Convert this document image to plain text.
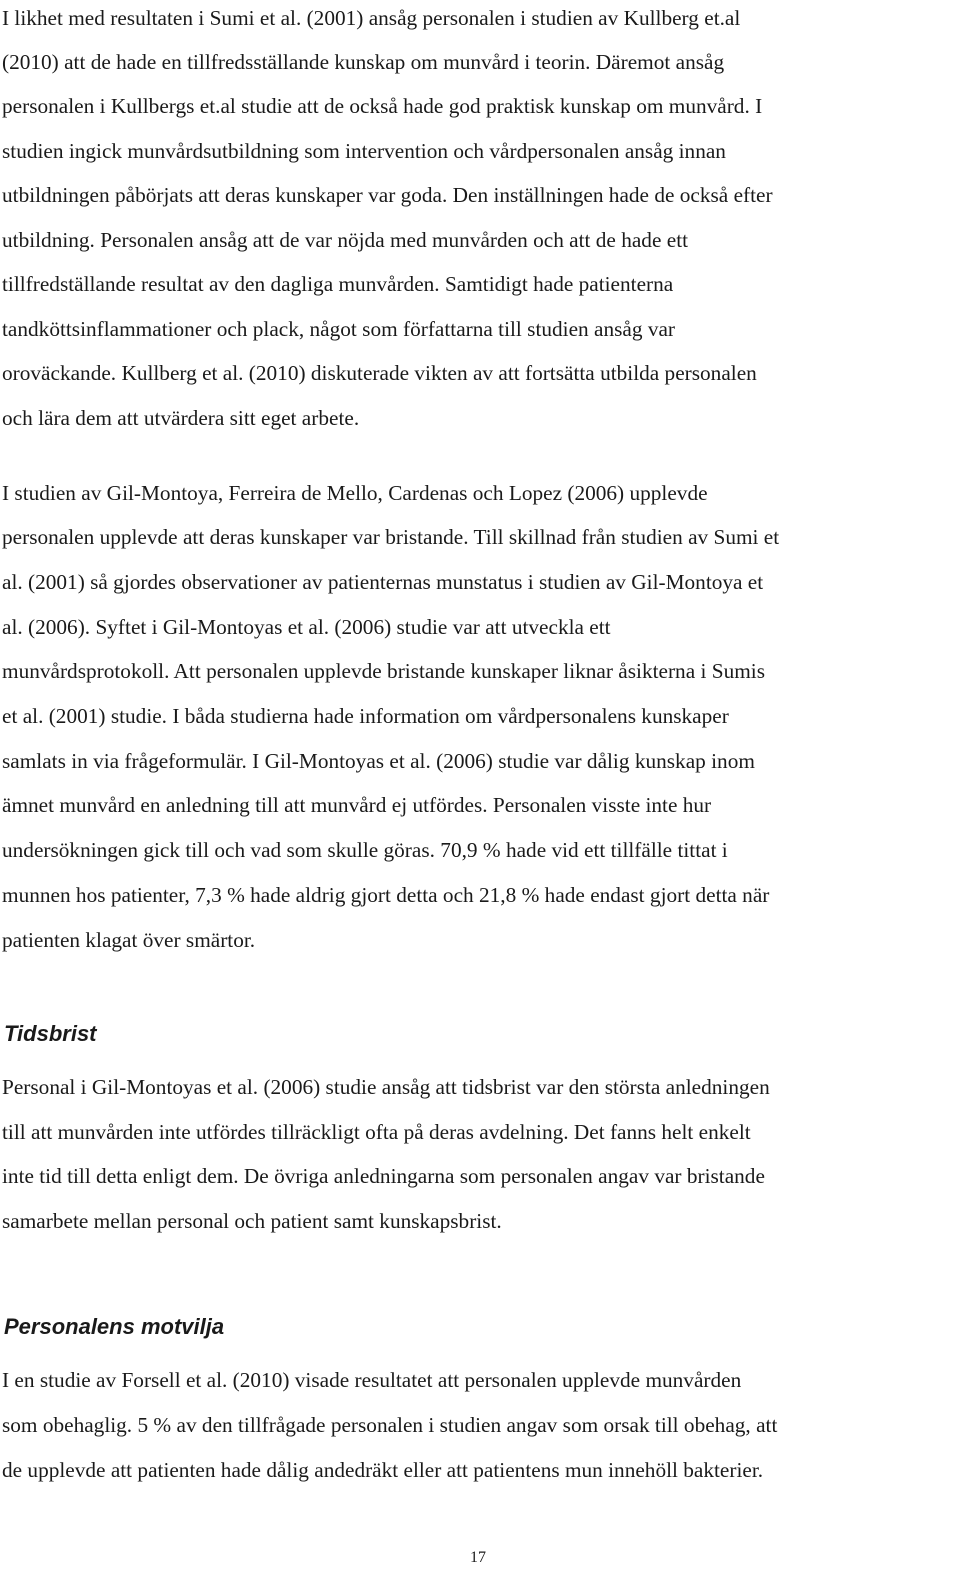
I likhet med resultaten i Sumi et al. (2001) ansåg personalen i studien av Kullberg et.al
(2010) att de hade en tillfredsställande kunskap om munvård i teorin. Däremot ansåg
personalen i Kullbergs et.al studie att de också hade god praktisk kunskap om munvård. I
studien ingick munvårdsutbildning som intervention och vårdpersonalen ansåg innan
utbildningen påbörjats att deras kunskaper var goda. Den inställningen hade de också efter
utbildning. Personalen ansåg att de var nöjda med munvården och att de hade ett
tillfredställande resultat av den dagliga munvården. Samtidigt hade patienterna
tandköttsinflammationer och plack, något som författarna till studien ansåg var
oroväckande. Kullberg et al. (2010) diskuterade vikten av att fortsätta utbilda personalen
och lära dem att utvärdera sitt eget arbete.
I studien av Gil-Montoya, Ferreira de Mello, Cardenas och Lopez (2006) upplevde
personalen upplevde att deras kunskaper var bristande. Till skillnad från studien av Sumi et
al. (2001) så gjordes observationer av patienternas munstatus i studien av Gil-Montoya et
al. (2006). Syftet i Gil-Montoyas et al. (2006) studie var att utveckla ett
munvårdsprotokoll. Att personalen upplevde bristande kunskaper liknar åsikterna i Sumis
et al. (2001) studie. I båda studierna hade information om vårdpersonalens kunskaper
samlats in via frågeformulär. I Gil-Montoyas et al. (2006) studie var dålig kunskap inom
ämnet munvård en anledning till att munvård ej utfördes. Personalen visste inte hur
undersökningen gick till och vad som skulle göras. 70,9 % hade vid ett tillfälle tittat i
munnen hos patienter, 7,3 % hade aldrig gjort detta och 21,8 % hade endast gjort detta när
patienten klagat över smärtor.
Tidsbrist
Personal i Gil-Montoyas et al. (2006) studie ansåg att tidsbrist var den största anledningen
till att munvården inte utfördes tillräckligt ofta på deras avdelning. Det fanns helt enkelt
inte tid till detta enligt dem. De övriga anledningarna som personalen angav var bristande
samarbete mellan personal och patient samt kunskapsbrist.
Personalens motvilja
I en studie av Forsell et al. (2010) visade resultatet att personalen upplevde munvården
som obehaglig. 5 % av den tillfrågade personalen i studien angav som orsak till obehag, att
de upplevde att patienten hade dålig andedräkt eller att patientens mun innehöll bakterier.
17
